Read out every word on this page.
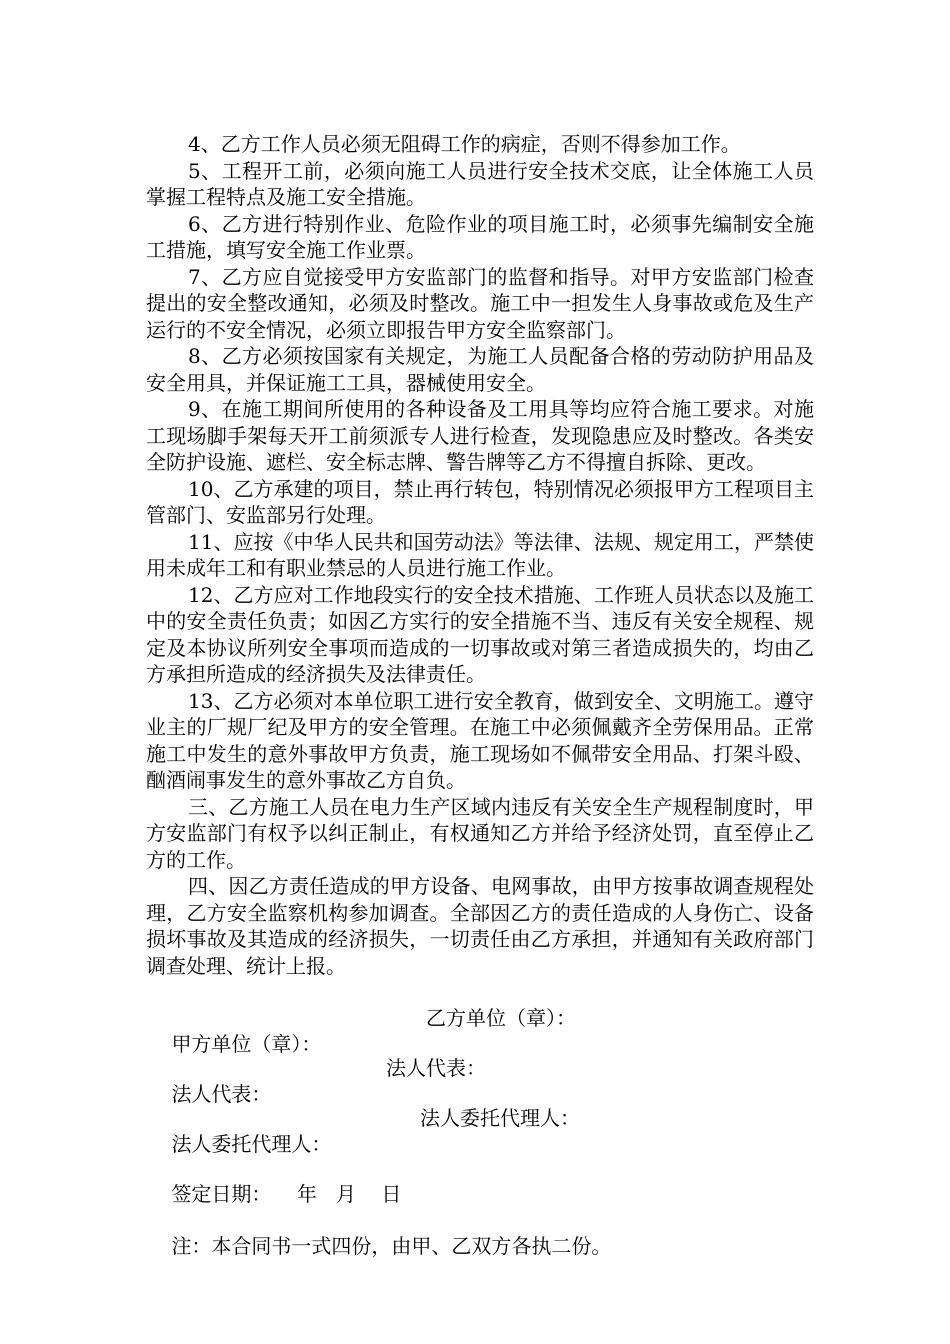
4、乙方工作人员必须无阻碍工作的病症，否则不得参加工作。

5、工程开工前，必须向施工人员进行安全技术交底，让全体施工人员掌握工程特点及施工安全措施。

6、乙方进行特别作业、危险作业的项目施工时，必须事先编制安全施工措施，填写安全施工作业票。

7、乙方应自觉接受甲方安监部门的监督和指导。对甲方安监部门检查提出的安全整改通知，必须及时整改。施工中一担发生人身事故或危及生产运行的不安全情况，必须立即报告甲方安全监察部门。

8、乙方必须按国家有关规定，为施工人员配备合格的劳动防护用品及安全用具，并保证施工工具，器械使用安全。

9、在施工期间所使用的各种设备及工用具等均应符合施工要求。对施工现场脚手架每天开工前须派专人进行检查，发现隐患应及时整改。各类安全防护设施、遮栏、安全标志牌、警告牌等乙方不得擅自拆除、更改。

10、乙方承建的项目，禁止再行转包，特别情况必须报甲方工程项目主管部门、安监部另行处理。

11、应按《中华人民共和国劳动法》等法律、法规、规定用工，严禁使用未成年工和有职业禁忌的人员进行施工作业。

12、乙方应对工作地段实行的安全技术措施、工作班人员状态以及施工中的安全责任负责；如因乙方实行的安全措施不当、违反有关安全规程、规定及本协议所列安全事项而造成的一切事故或对第三者造成损失的，均由乙方承担所造成的经济损失及法律责任。

13、乙方必须对本单位职工进行安全教育，做到安全、文明施工。遵守业主的厂规厂纪及甲方的安全管理。在施工中必须佩戴齐全劳保用品。正常施工中发生的意外事故甲方负责，施工现场如不佩带安全用品、打架斗殴、酗酒闹事发生的意外事故乙方自负。

三、乙方施工人员在电力生产区域内违反有关安全生产规程制度时，甲方安监部门有权予以纠正制止，有权通知乙方并给予经济处罚，直至停止乙方的工作。

四、因乙方责任造成的甲方设备、电网事故，由甲方按事故调查规程处理，乙方安全监察机构参加调查。全部因乙方的责任造成的人身伤亡、设备损坏事故及其造成的经济损失，一切责任由乙方承担，并通知有关政府部门调查处理、统计上报。

甲方单位（章）：

乙方单位（章）：

法人代表：

法人代表：

法人委托代理人：

法人委托代理人：

签定日期：    年   月    日

注：本合同书一式四份，由甲、乙双方各执二份。
